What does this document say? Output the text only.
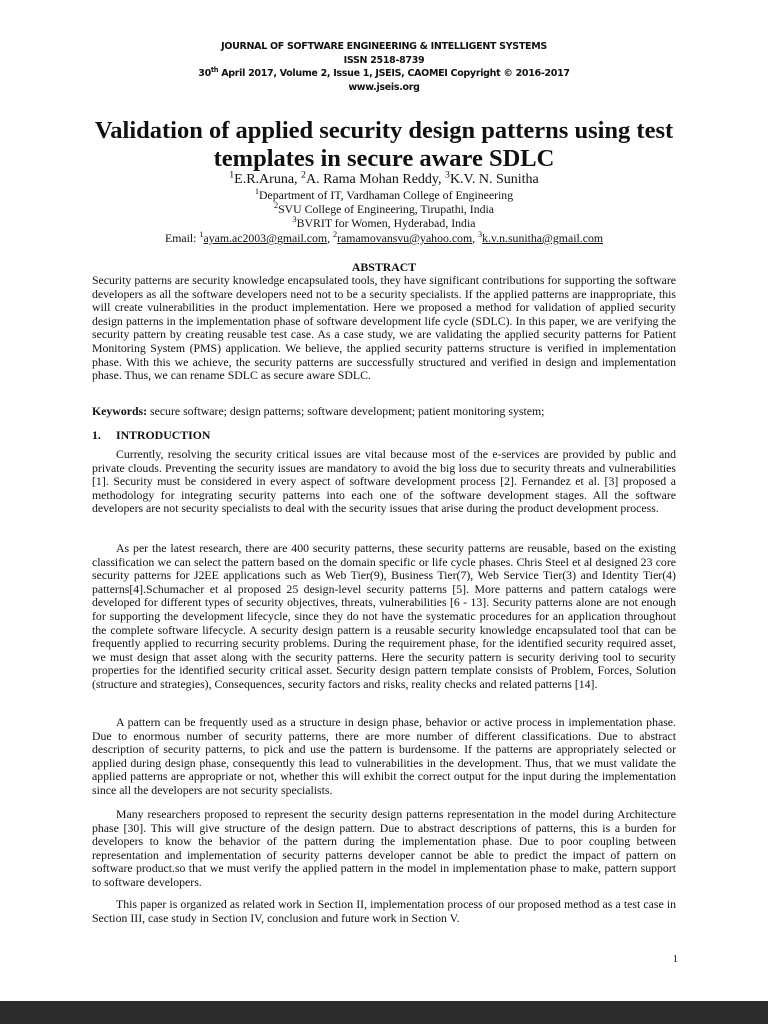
JOURNAL OF SOFTWARE ENGINEERING & INTELLIGENT SYSTEMS
ISSN 2518-8739
30th April 2017, Volume 2, Issue 1, JSEIS, CAOMEI Copyright © 2016-2017
www.jseis.org
Validation of applied security design patterns using test templates in secure aware SDLC
$^1$E.R.Aruna, $^2$A. Rama Mohan Reddy, $^3$K.V. N. Sunitha
$^1$Department of IT, Vardhaman College of Engineering
$^2$SVU College of Engineering, Tirupathi, India
$^3$BVRIT for Women, Hyderabad, India
Email: $^1$ayam.ac2003@gmail.com, $^2$ramamovansvu@yahoo.com, $^3$k.v.n.sunitha@gmail.com
ABSTRACT

Security patterns are security knowledge encapsulated tools, they have significant contributions for supporting the software developers as all the software developers need not to be a security specialists. If the applied patterns are inappropriate, this will create vulnerabilities in the product implementation. Here we proposed a method for validation of applied security design patterns in the implementation phase of software development life cycle (SDLC). In this paper, we are verifying the security pattern by creating reusable test case. As a case study, we are validating the applied security patterns for Patient Monitoring System (PMS) application. We believe, the applied security patterns structure is verified in implementation phase. With this we achieve, the security patterns are successfully structured and verified in design and implementation phase. Thus, we can rename SDLC as secure aware SDLC.

Keywords: secure software; design patterns; software development; patient monitoring system;

1. INTRODUCTION

Currently, resolving the security critical issues are vital because most of the e-services are provided by public and private clouds. Preventing the security issues are mandatory to avoid the big loss due to security threats and vulnerabilities [1]. Security must be considered in every aspect of software development process [2]. Fernandez et al. [3] proposed a methodology for integrating security patterns into each one of the software development stages. All the software developers are not security specialists to deal with the security issues that arise during the product development process.

As per the latest research, there are 400 security patterns, these security patterns are reusable, based on the existing classification we can select the pattern based on the domain specific or life cycle phases. Chris Steel et al designed 23 core security patterns for J2EE applications such as Web Tier(9), Business Tier(7), Web Service Tier(3) and Identity Tier(4) patterns[4].Schumacher et al proposed 25 design-level security patterns [5]. More patterns and pattern catalogs were developed for different types of security objectives, threats, vulnerabilities [6 - 13]. Security patterns alone are not enough for supporting the development lifecycle, since they do not have the systematic procedures for an application throughout the complete software lifecycle. A security design pattern is a reusable security knowledge encapsulated tool that can be frequently applied to recurring security problems. During the requirement phase, for the identified security required asset, we must design that asset along with the security patterns. Here the security pattern is security deriving tool to security properties for the identified security critical asset. Security design pattern template consists of Problem, Forces, Solution (structure and strategies), Consequences, security factors and risks, reality checks and related patterns [14].

A pattern can be frequently used as a structure in design phase, behavior or active process in implementation phase. Due to enormous number of security patterns, there are more number of different classifications. Due to abstract description of security patterns, to pick and use the pattern is burdensome. If the patterns are appropriately selected or applied during design phase, consequently this lead to vulnerabilities in the development. Thus, that we must validate the applied patterns are appropriate or not, whether this will exhibit the correct output for the input during the implementation since all the developers are not security specialists.

Many researchers proposed to represent the security design patterns representation in the model during Architecture phase [30]. This will give structure of the design pattern. Due to abstract descriptions of patterns, this is a burden for developers to know the behavior of the pattern during the implementation phase. Due to poor coupling between representation and implementation of security patterns developer cannot be able to predict the impact of pattern on software product.so that we must verify the applied pattern in the model in implementation phase to make, pattern support to software developers.

This paper is organized as related work in Section II, implementation process of our proposed method as a test case in Section III, case study in Section IV, conclusion and future work in Section V.

1
